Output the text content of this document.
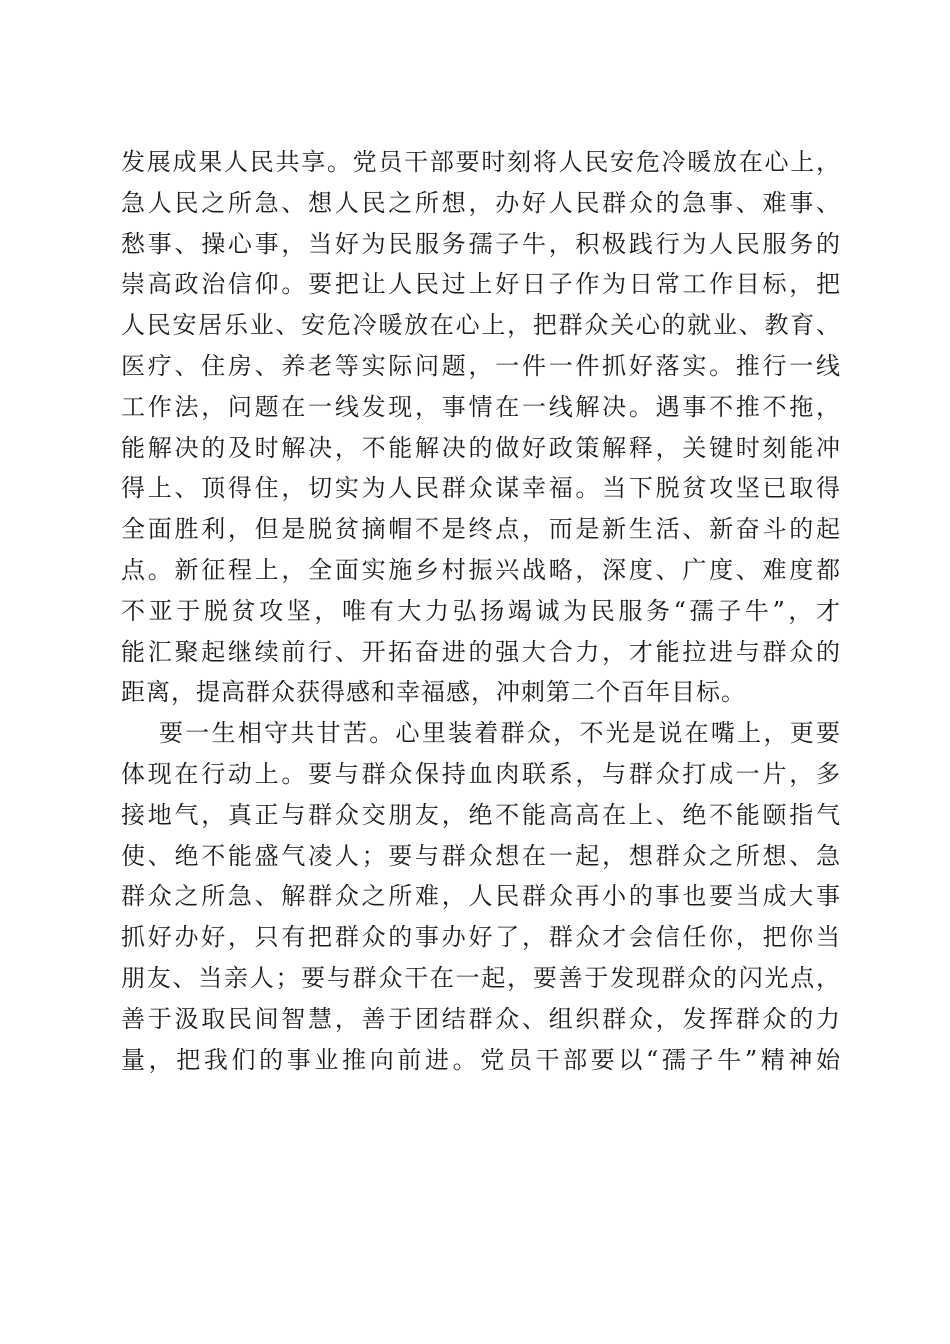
发展成果人民共享。党员干部要时刻将人民安危冷暖放在心上，
急人民之所急、想人民之所想，办好人民群众的急事、难事、
愁事、操心事，当好为民服务孺子牛，积极践行为人民服务的
崇高政治信仰。要把让人民过上好日子作为日常工作目标，把
人民安居乐业、安危冷暖放在心上，把群众关心的就业、教育、
医疗、住房、养老等实际问题，一件一件抓好落实。推行一线
工作法，问题在一线发现，事情在一线解决。遇事不推不拖，
能解决的及时解决，不能解决的做好政策解释，关键时刻能冲
得上、顶得住，切实为人民群众谋幸福。当下脱贫攻坚已取得
全面胜利，但是脱贫摘帽不是终点，而是新生活、新奋斗的起
点。新征程上，全面实施乡村振兴战略，深度、广度、难度都
不亚于脱贫攻坚，唯有大力弘扬竭诚为民服务“孺子牛”，才
能汇聚起继续前行、开拓奋进的强大合力，才能拉进与群众的
距离，提高群众获得感和幸福感，冲刺第二个百年目标。
要一生相守共甘苦。心里装着群众，不光是说在嘴上，更要
体现在行动上。要与群众保持血肉联系，与群众打成一片，多
接地气，真正与群众交朋友，绝不能高高在上、绝不能颐指气
使、绝不能盛气凌人；要与群众想在一起，想群众之所想、急
群众之所急、解群众之所难，人民群众再小的事也要当成大事
抓好办好，只有把群众的事办好了，群众才会信任你，把你当
朋友、当亲人；要与群众干在一起，要善于发现群众的闪光点，
善于汲取民间智慧，善于团结群众、组织群众，发挥群众的力
量，把我们的事业推向前进。党员干部要以“孺子牛”精神始
